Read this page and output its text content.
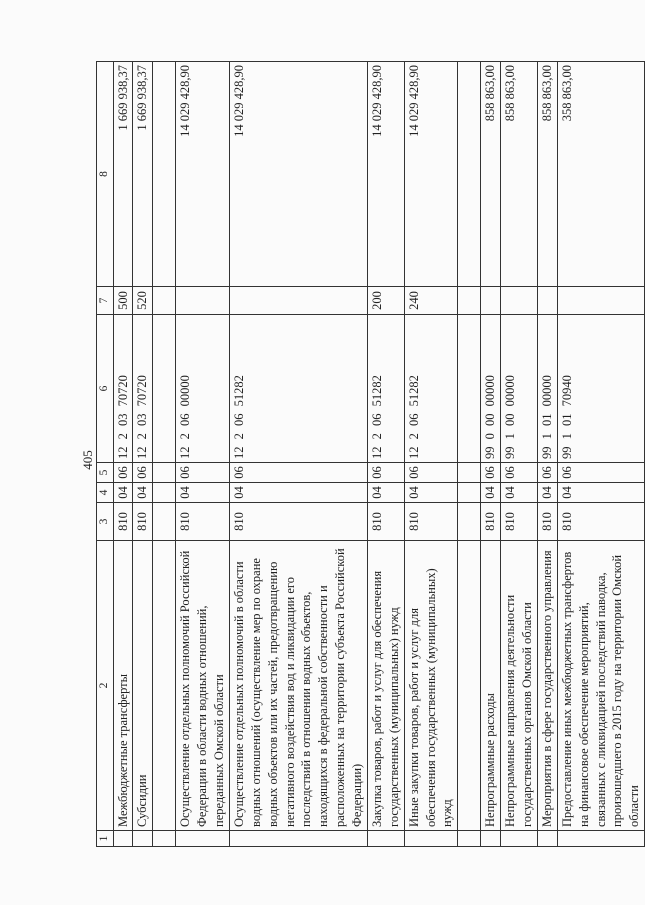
405
1	2	3	4	5	6	7	8
	Межбюджетные трансферты	810	04	06	12 2 03 70720	500	1 669 938,37
	Субсидии	810	04	06	12 2 03 70720	520	1 669 938,37

	Осуществление отдельных полномочий Российской Федерации в области водных отношений, переданных Омской области	810	04	06	12 2 06 00000		14 029 428,90
	Осуществление отдельных полномочий в области водных отношений (осуществление мер по охране водных объектов или их частей, предотвращению негативного воздействия вод и ликвидации его последствий в отношении водных объектов, находящихся в федеральной собственности и расположенных на территории субъекта Российской Федерации)	810	04	06	12 2 06 51282		14 029 428,90
	Закупка товаров, работ и услуг для обеспечения государственных (муниципальных) нужд	810	04	06	12 2 06 51282	200	14 029 428,90
	Иные закупки товаров, работ и услуг для обеспечения государственных (муниципальных) нужд	810	04	06	12 2 06 51282	240	14 029 428,90

	Непрограммные расходы	810	04	06	99 0 00 00000		858 863,00
	Непрограммные направления деятельности государственных органов Омской области	810	04	06	99 1 00 00000		858 863,00
	Мероприятия в сфере государственного управления	810	04	06	99 1 01 00000		858 863,00
	Предоставление иных межбюджетных трансфертов на финансовое обеспечение мероприятий, связанных с ликвидацией последствий паводка, произошедшего в 2015 году на территории Омской области	810	04	06	99 1 01 70940		358 863,00
